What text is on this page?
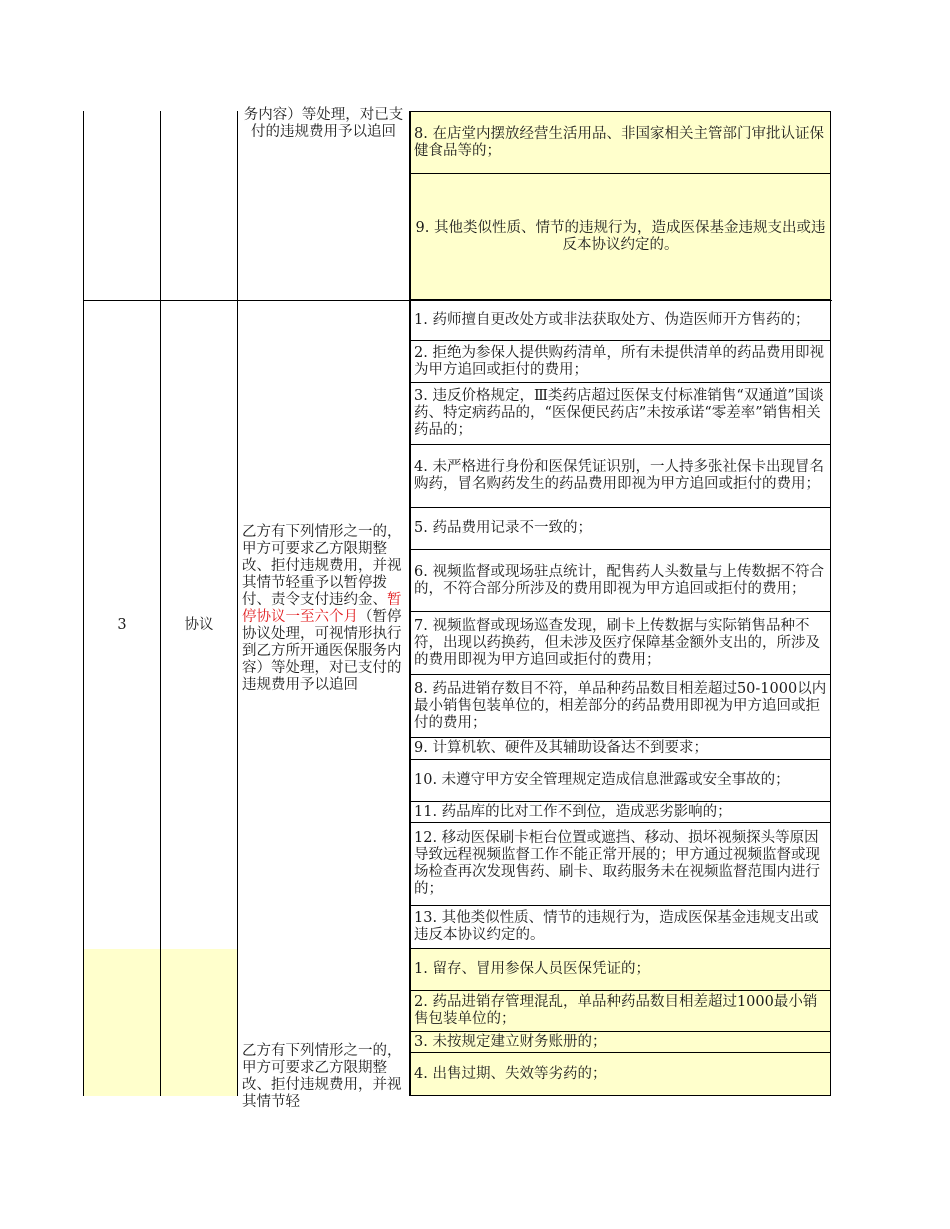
务内容）等处理，对已支付的违规费用予以追回	8. 在店堂内摆放经营生活用品、非国家相关主管部门审批认证保健食品等的；
9. 其他类似性质、情节的违规行为，造成医保基金违规支出或违反本协议约定的。
3	协议
乙方有下列情形之一的，甲方可要求乙方限期整改、拒付违规费用，并视其情节轻重予以暂停拨付、责令支付违约金、暂停协议一至六个月（暂停协议处理，可视情形执行到乙方所开通医保服务内容）等处理，对已支付的违规费用予以追回
1. 药师擅自更改处方或非法获取处方、伪造医师开方售药的；
2. 拒绝为参保人提供购药清单，所有未提供清单的药品费用即视为甲方追回或拒付的费用；
3. 违反价格规定，Ⅲ类药店超过医保支付标准销售“双通道”国谈药、特定病药品的，“医保便民药店”未按承诺“零差率”销售相关药品的；
4. 未严格进行身份和医保凭证识别，一人持多张社保卡出现冒名购药，冒名购药发生的药品费用即视为甲方追回或拒付的费用；
5. 药品费用记录不一致的；
6. 视频监督或现场驻点统计，配售药人头数量与上传数据不符合的，不符合部分所涉及的费用即视为甲方追回或拒付的费用；
7. 视频监督或现场巡查发现，刷卡上传数据与实际销售品种不符，出现以药换药，但未涉及医疗保障基金额外支出的，所涉及的费用即视为甲方追回或拒付的费用；
8. 药品进销存数目不符，单品种药品数目相差超过50-1000以内最小销售包装单位的，相差部分的药品费用即视为甲方追回或拒付的费用；
9. 计算机软、硬件及其辅助设备达不到要求；
10. 未遵守甲方安全管理规定造成信息泄露或安全事故的；
11. 药品库的比对工作不到位，造成恶劣影响的；
12. 移动医保刷卡柜台位置或遮挡、移动、损坏视频探头等原因导致远程视频监督工作不能正常开展的；甲方通过视频监督或现场检查再次发现售药、刷卡、取药服务未在视频监督范围内进行的；
13. 其他类似性质、情节的违规行为，造成医保基金违规支出或违反本协议约定的。
乙方有下列情形之一的，甲方可要求乙方限期整改、拒付违规费用，并视其情节轻
1. 留存、冒用参保人员医保凭证的；
2. 药品进销存管理混乱，单品种药品数目相差超过1000最小销售包装单位的；
3. 未按规定建立财务账册的；
4. 出售过期、失效等劣药的；
